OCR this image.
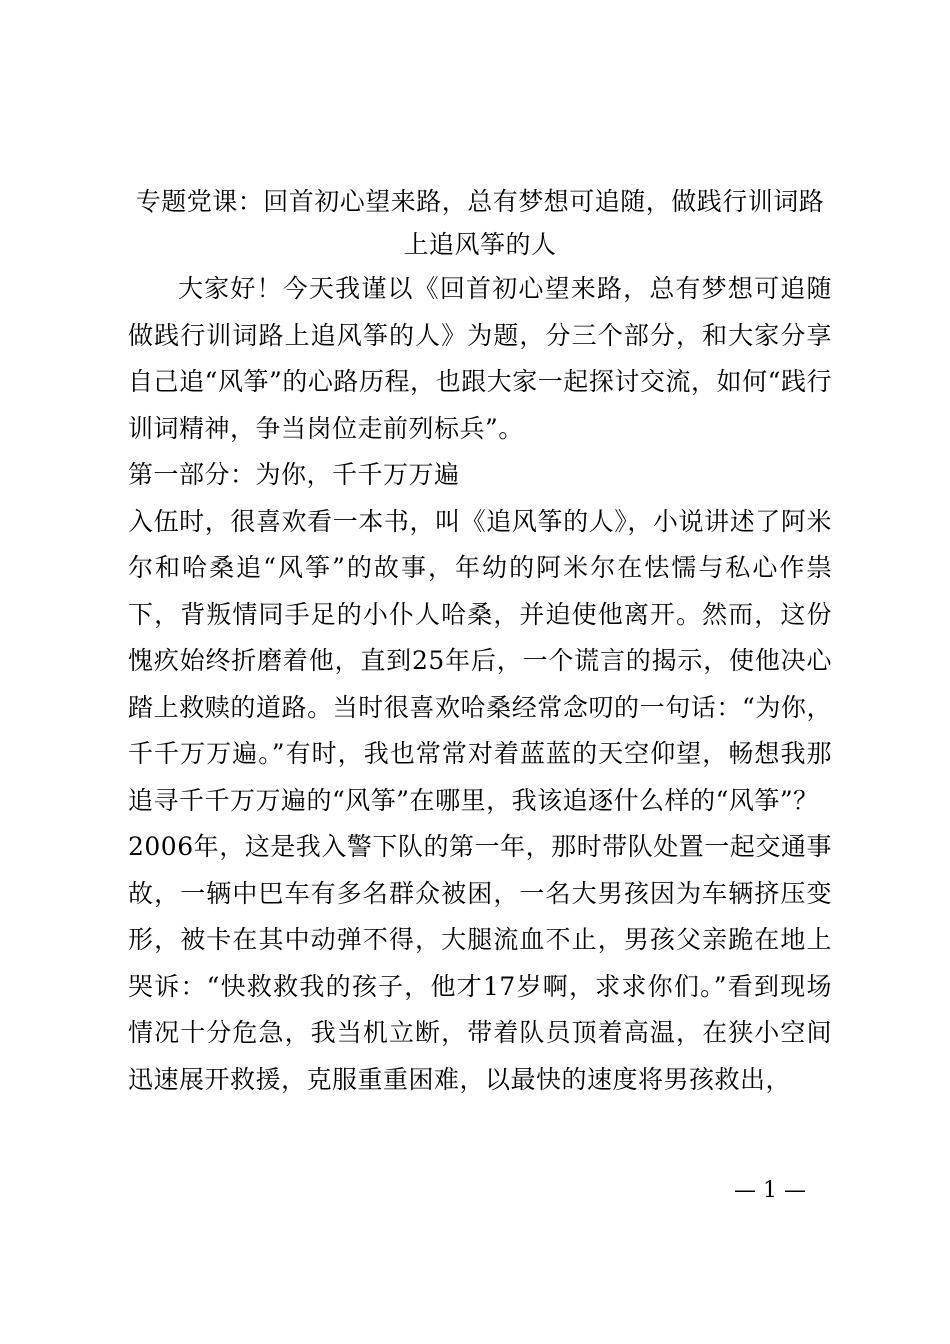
专题党课：回首初心望来路，总有梦想可追随，做践行训词路上追风筝的人

大家好！今天我谨以《回首初心望来路，总有梦想可追随做践行训词路上追风筝的人》为题，分三个部分，和大家分享自己追“风筝”的心路历程，也跟大家一起探讨交流，如何“践行训词精神，争当岗位走前列标兵”。

第一部分：为你，千千万万遍

入伍时，很喜欢看一本书，叫《追风筝的人》，小说讲述了阿米尔和哈桑追“风筝”的故事，年幼的阿米尔在怯懦与私心作祟下，背叛情同手足的小仆人哈桑，并迫使他离开。然而，这份愧疚始终折磨着他，直到25年后，一个谎言的揭示，使他决心踏上救赎的道路。当时很喜欢哈桑经常念叨的一句话：“为你，千千万万遍。”有时，我也常常对着蓝蓝的天空仰望，畅想我那追寻千千万万遍的“风筝”在哪里，我该追逐什么样的“风筝”？

2006年，这是我入警下队的第一年，那时带队处置一起交通事故，一辆中巴车有多名群众被困，一名大男孩因为车辆挤压变形，被卡在其中动弹不得，大腿流血不止，男孩父亲跪在地上哭诉：“快救救我的孩子，他才17岁啊，求求你们。”看到现场情况十分危急，我当机立断，带着队员顶着高温，在狭小空间迅速展开救援，克服重重困难，以最快的速度将男孩救出，

— 1 —
